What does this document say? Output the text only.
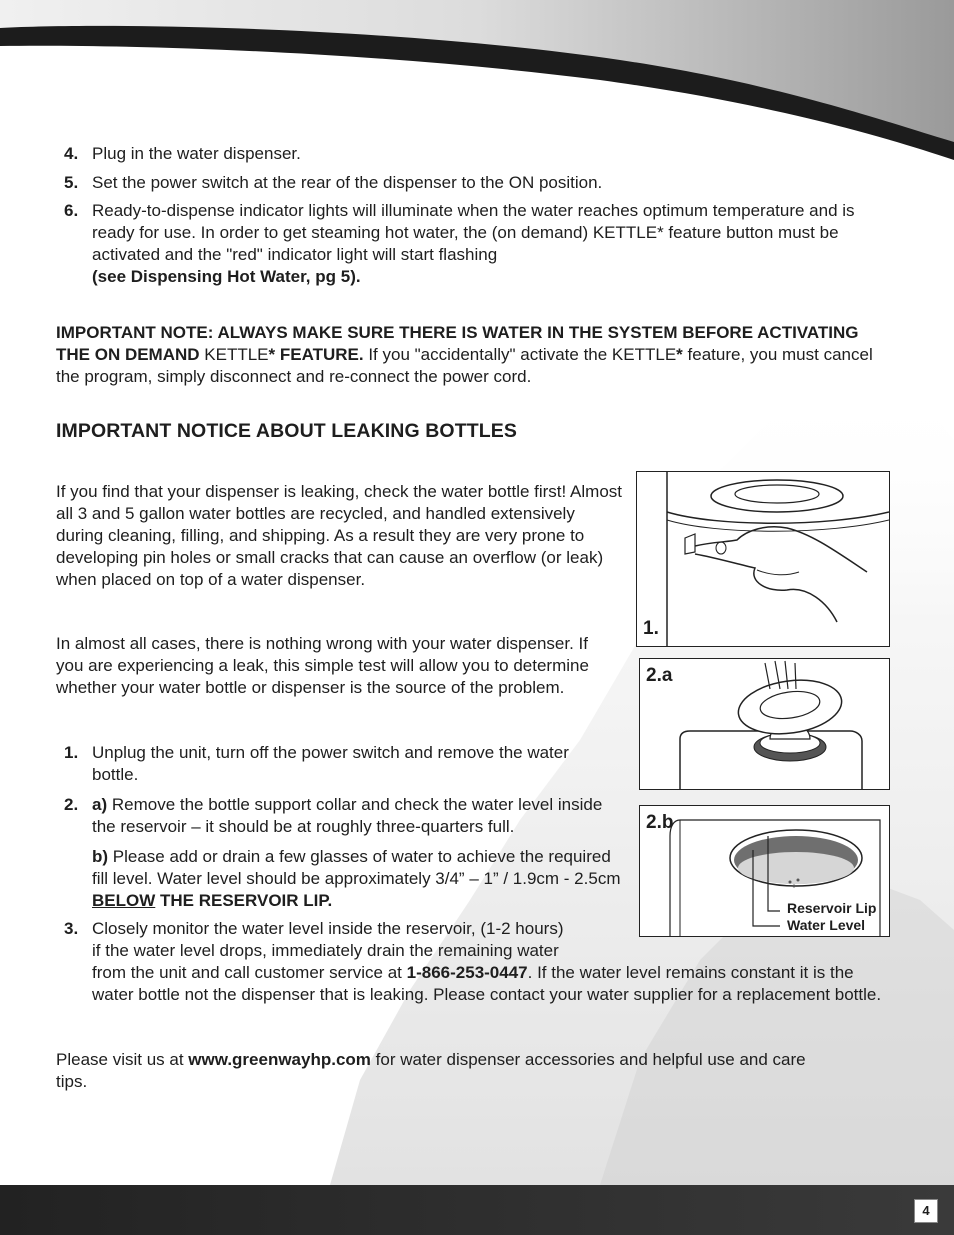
4. Plug in the water dispenser.
5. Set the power switch at the rear of the dispenser to the ON position.
6. Ready-to-dispense indicator lights will illuminate when the water reaches optimum temperature and is ready for use. In order to get steaming hot water, the (on demand) KETTLE* feature button must be activated and the "red" indicator light will start flashing
(see Dispensing Hot Water, pg 5).
IMPORTANT NOTE: ALWAYS MAKE SURE THERE IS WATER IN THE SYSTEM BEFORE ACTIVATING THE ON DEMAND KETTLE* FEATURE. If you "accidentally" activate the KETTLE* feature, you must cancel the program, simply disconnect and re-connect the power cord.
IMPORTANT NOTICE ABOUT LEAKING BOTTLES
If you find that your dispenser is leaking, check the water bottle first! Almost all 3 and 5 gallon water bottles are recycled, and handled extensively during cleaning, filling, and shipping. As a result they are very prone to developing pin holes or small cracks that can cause an overflow (or leak) when placed on top of a water dispenser.
In almost all cases, there is nothing wrong with your water dispenser. If you are experiencing a leak, this simple test will allow you to determine whether your water bottle or dispenser is the source of the problem.
1. Unplug the unit, turn off the power switch and remove the water bottle.
2. a) Remove the bottle support collar and check the water level inside the reservoir – it should be at roughly three-quarters full.
b) Please add or drain a few glasses of water to achieve the required fill level. Water level should be approximately 3/4” – 1” / 1.9cm - 2.5cm BELOW THE RESERVOIR LIP.
3. Closely monitor the water level inside the reservoir, (1-2 hours)
if the water level drops, immediately drain the remaining water
from the unit and call customer service at 1-866-253-0447. If the water level remains constant it is the water bottle not the dispenser that is leaking. Please contact your water supplier for a replacement bottle.
Please visit us at www.greenwayhp.com for water dispenser accessories and helpful use and care tips.
1.
2.a
2.b
Reservoir Lip
Water Level
4
